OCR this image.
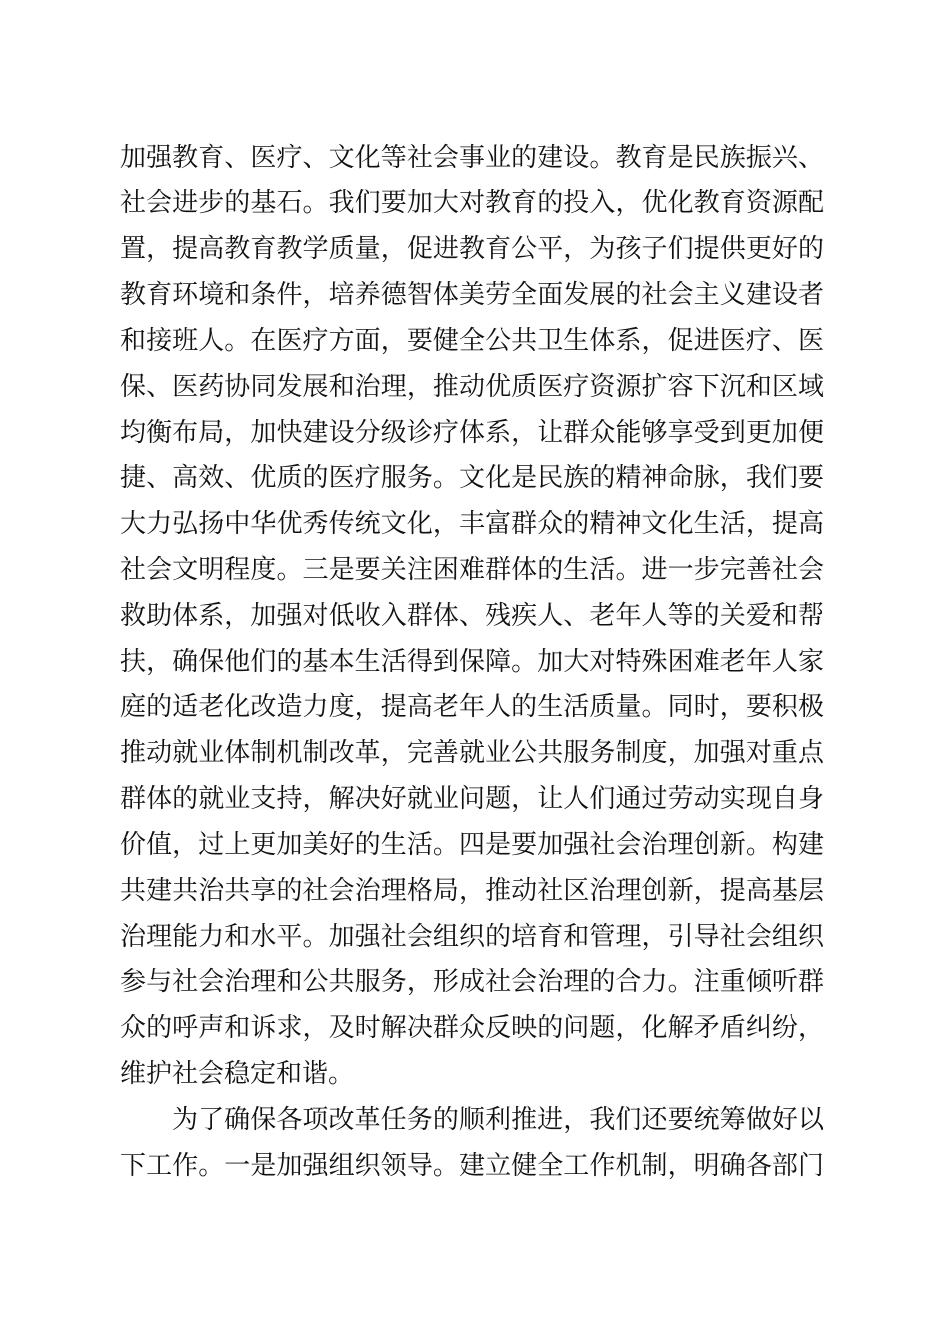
加强教育、医疗、文化等社会事业的建设。教育是民族振兴、
社会进步的基石。我们要加大对教育的投入，优化教育资源配
置，提高教育教学质量，促进教育公平，为孩子们提供更好的
教育环境和条件，培养德智体美劳全面发展的社会主义建设者
和接班人。在医疗方面，要健全公共卫生体系，促进医疗、医
保、医药协同发展和治理，推动优质医疗资源扩容下沉和区域
均衡布局，加快建设分级诊疗体系，让群众能够享受到更加便
捷、高效、优质的医疗服务。文化是民族的精神命脉，我们要
大力弘扬中华优秀传统文化，丰富群众的精神文化生活，提高
社会文明程度。三是要关注困难群体的生活。进一步完善社会
救助体系，加强对低收入群体、残疾人、老年人等的关爱和帮
扶，确保他们的基本生活得到保障。加大对特殊困难老年人家
庭的适老化改造力度，提高老年人的生活质量。同时，要积极
推动就业体制机制改革，完善就业公共服务制度，加强对重点
群体的就业支持，解决好就业问题，让人们通过劳动实现自身
价值，过上更加美好的生活。四是要加强社会治理创新。构建
共建共治共享的社会治理格局，推动社区治理创新，提高基层
治理能力和水平。加强社会组织的培育和管理，引导社会组织
参与社会治理和公共服务，形成社会治理的合力。注重倾听群
众的呼声和诉求，及时解决群众反映的问题，化解矛盾纠纷，
维护社会稳定和谐。
为了确保各项改革任务的顺利推进，我们还要统筹做好以
下工作。一是加强组织领导。建立健全工作机制，明确各部门
